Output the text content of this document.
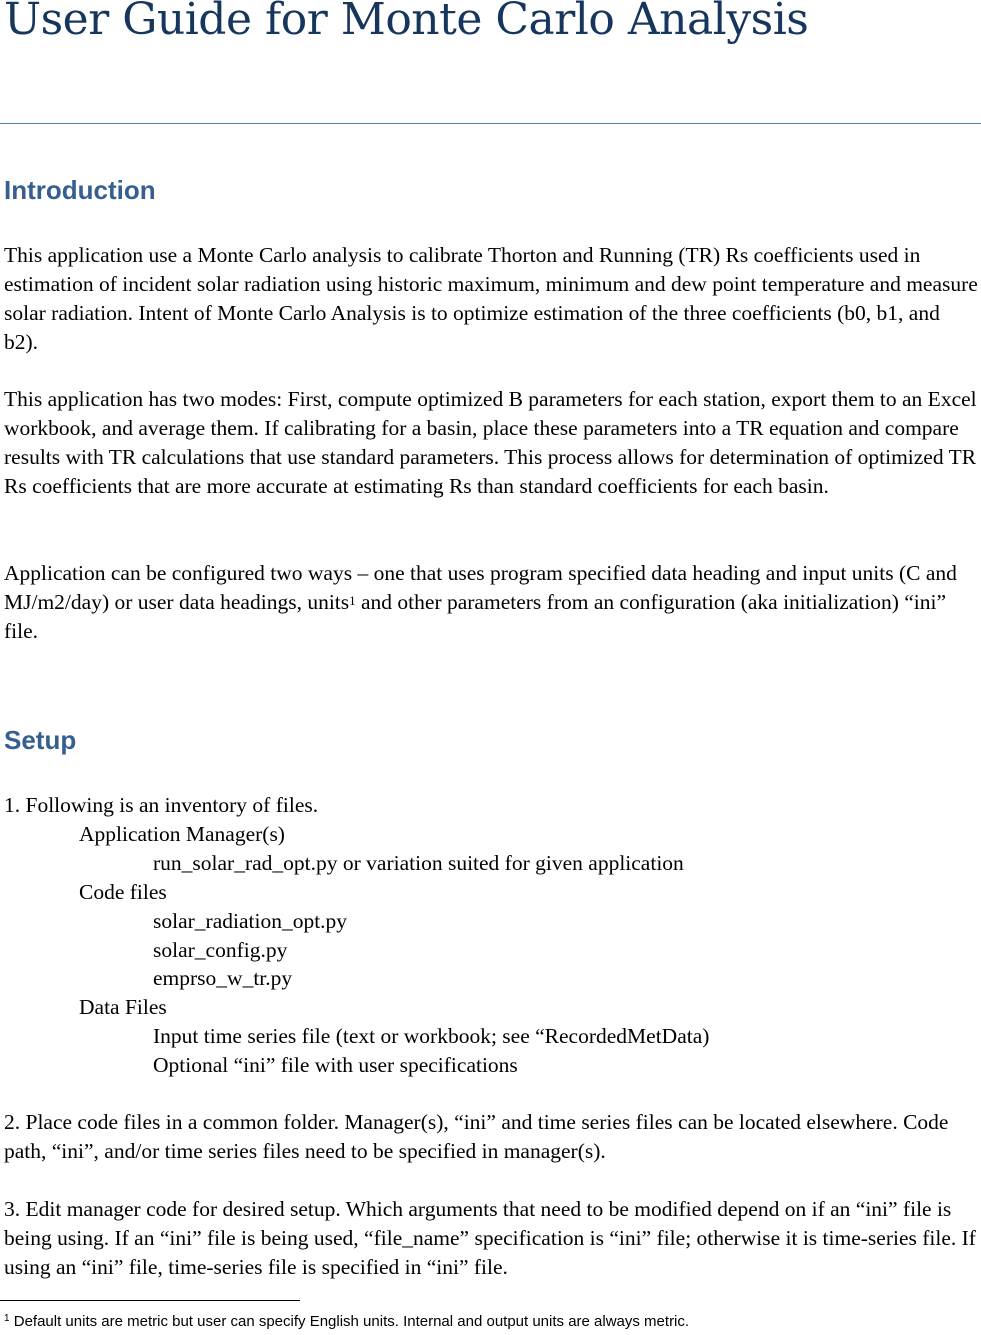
User Guide for Monte Carlo Analysis
Introduction

This application use a Monte Carlo analysis to calibrate Thorton and Running (TR) Rs coefficients used in estimation of incident solar radiation using historic maximum, minimum and dew point temperature and measure solar radiation. Intent of Monte Carlo Analysis is to optimize estimation of the three coefficients (b0, b1, and b2).

This application has two modes: First, compute optimized B parameters for each station, export them to an Excel workbook, and average them. If calibrating for a basin, place these parameters into a TR equation and compare results with TR calculations that use standard parameters. This process allows for determination of optimized TR Rs coefficients that are more accurate at estimating Rs than standard coefficients for each basin.

Application can be configured two ways – one that uses program specified data heading and input units (C and MJ/m2/day) or user data headings, units$^1$ and other parameters from an configuration (aka initialization) “ini” file.

Setup

1. Following is an inventory of files.

Application Manager(s)

run_solar_rad_opt.py or variation suited for given application

Code files

solar_radiation_opt.py

solar_config.py

emprso_w_tr.py

Data Files

Input time series file (text or workbook; see “RecordedMetData)

Optional “ini” file with user specifications

2. Place code files in a common folder. Manager(s), “ini” and time series files can be located elsewhere. Code path, “ini”, and/or time series files need to be specified in manager(s).

3. Edit manager code for desired setup. Which arguments that need to be modified depend on if an “ini” file is being using. If an “ini” file is being used, “file_name” specification is “ini” file; otherwise it is time-series file. If using an “ini” file, time-series file is specified in “ini” file.

$^1$ Default units are metric but user can specify English units. Internal and output units are always metric.
